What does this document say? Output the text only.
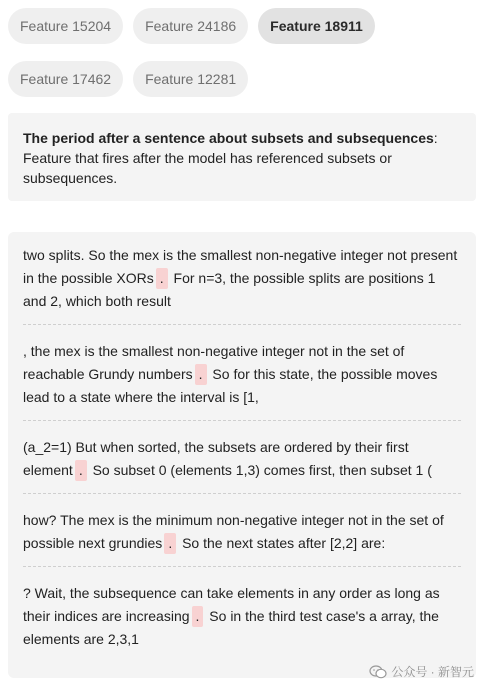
Feature 15204	Feature 24186	Feature 18911
Feature 17462	Feature 12281
The period after a sentence about subsets and subsequences: Feature that fires after the model has referenced subsets or subsequences.
two splits. So the mex is the smallest non-negative integer not present in the possible XORs . For n=3, the possible splits are positions 1 and 2, which both result
, the mex is the smallest non-negative integer not in the set of reachable Grundy numbers . So for this state, the possible moves lead to a state where the interval is [1,
(a_2=1) But when sorted, the subsets are ordered by their first element . So subset 0 (elements 1,3) comes first, then subset 1 (
how? The mex is the minimum non-negative integer not in the set of possible next grundies . So the next states after [2,2] are:
? Wait, the subsequence can take elements in any order as long as their indices are increasing . So in the third test case's a array, the elements are 2,3,1
公众号 · 新智元
